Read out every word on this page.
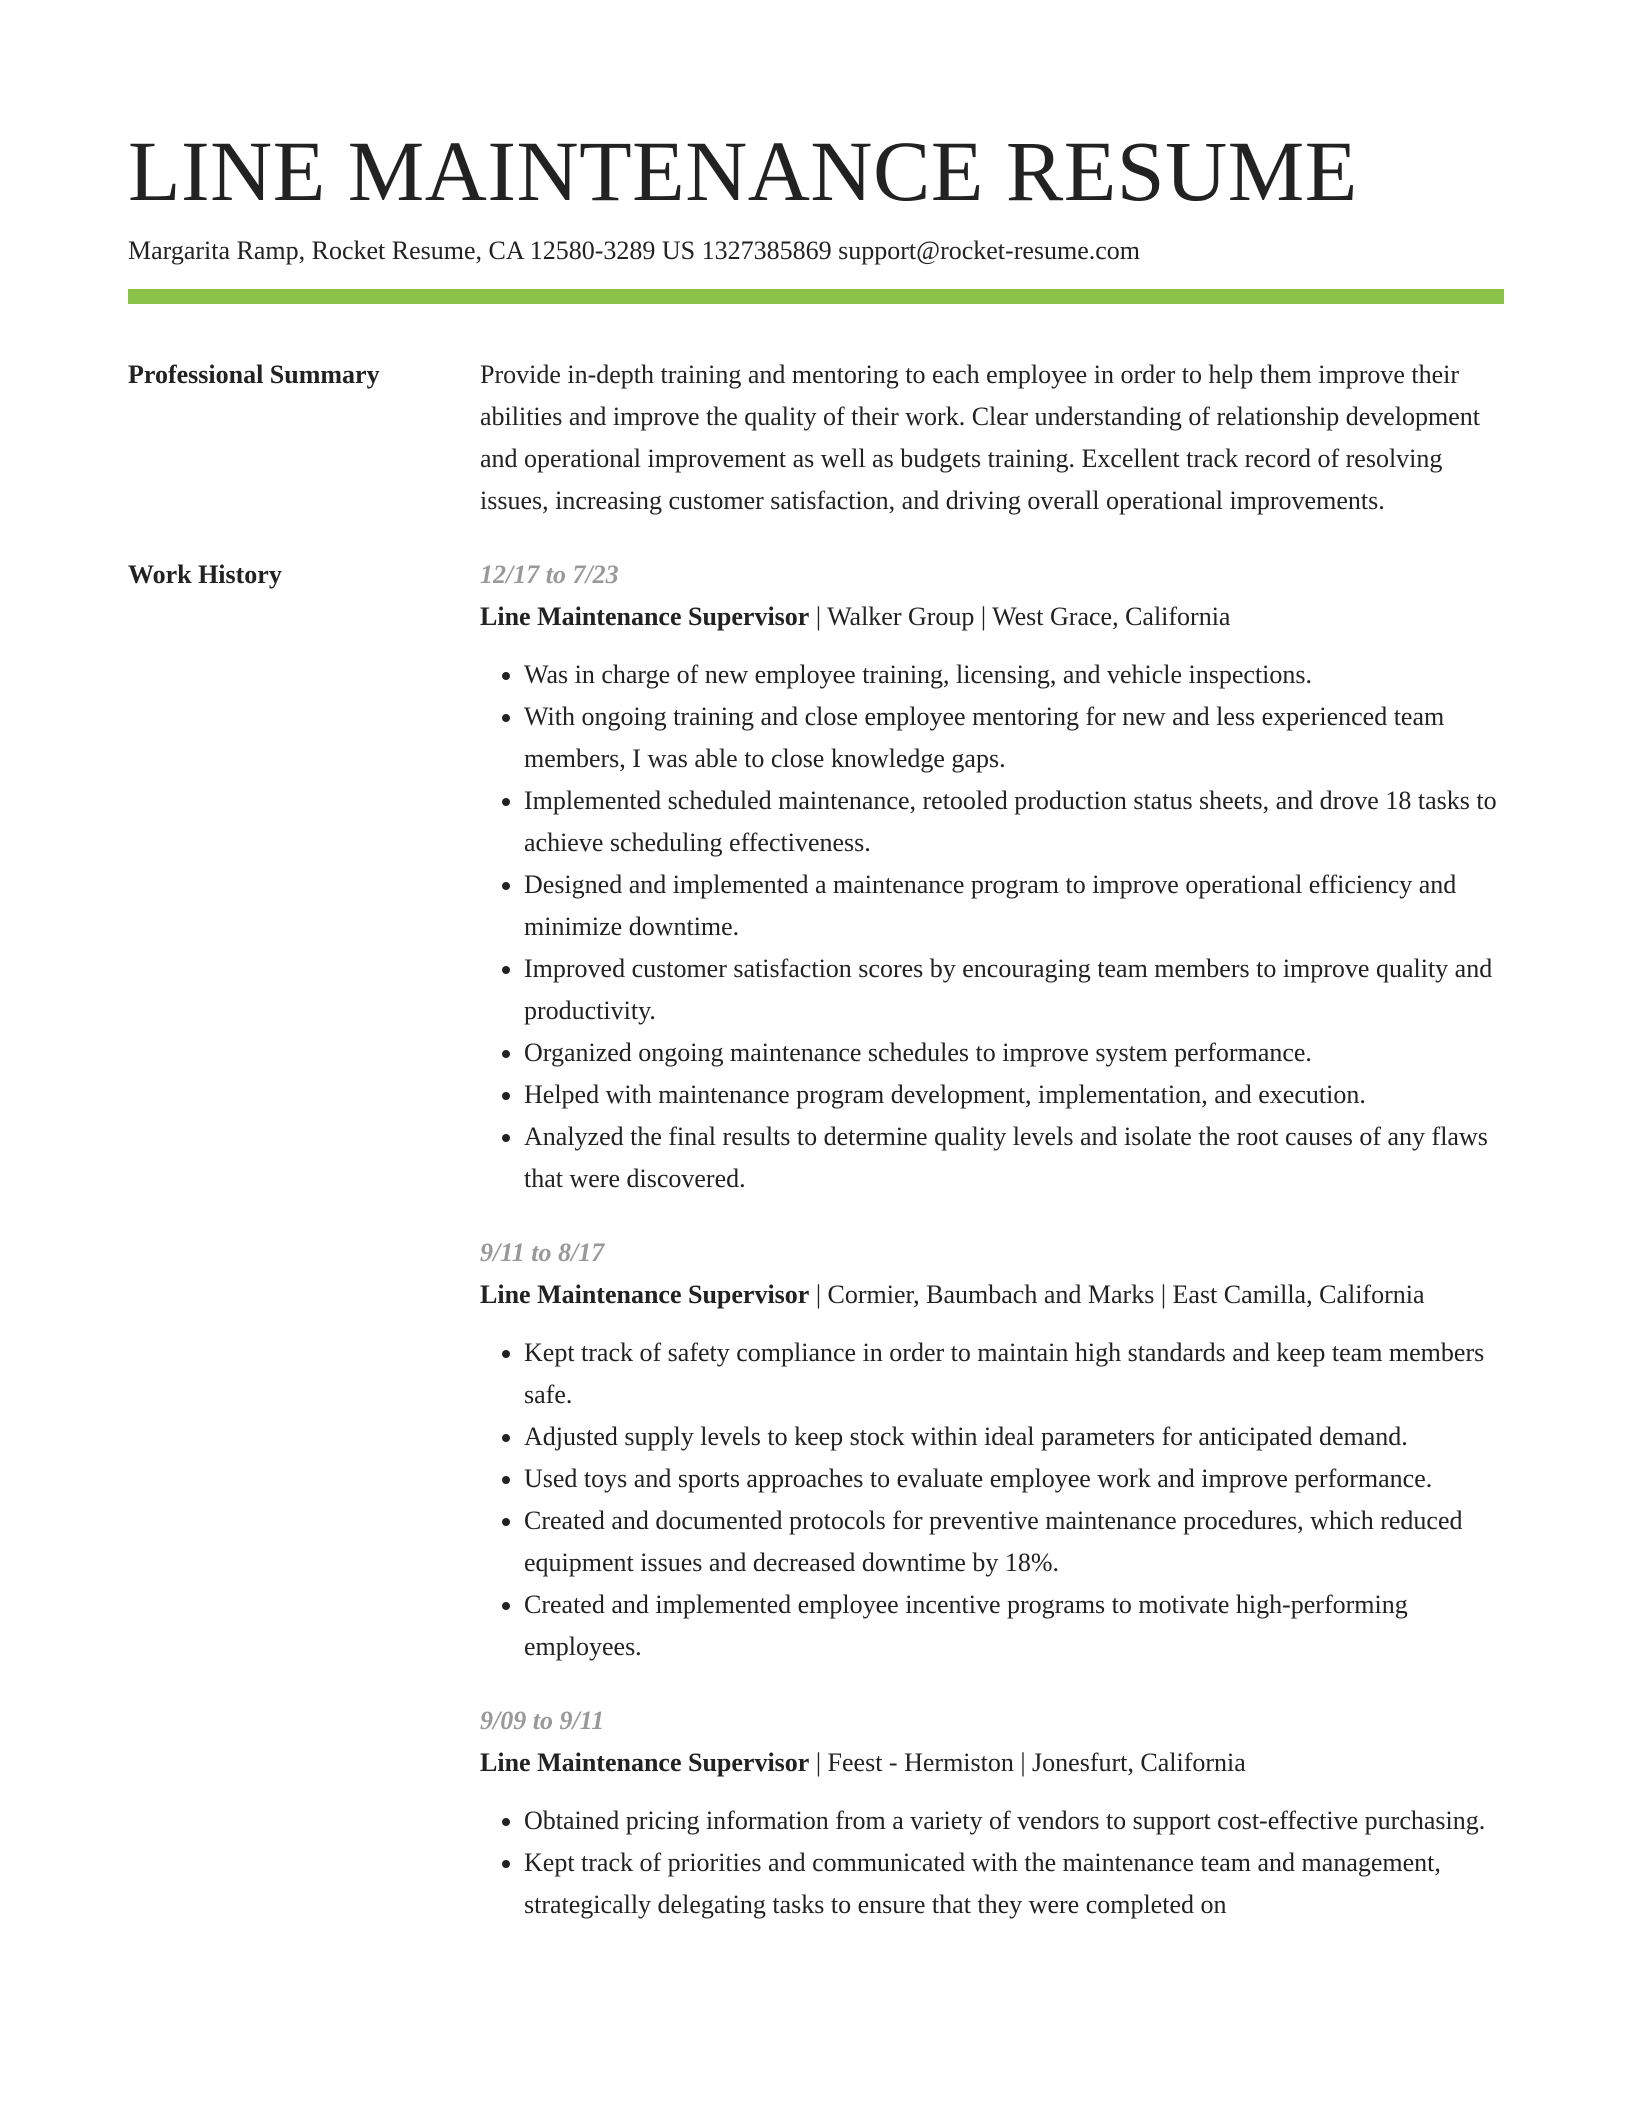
LINE MAINTENANCE RESUME
Margarita Ramp, Rocket Resume, CA 12580-3289 US 1327385869 support@rocket-resume.com
Professional Summary	Provide in-depth training and mentoring to each employee in order to help them improve their abilities and improve the quality of their work. Clear understanding of relationship development and operational improvement as well as budgets training. Excellent track record of resolving issues, increasing customer satisfaction, and driving overall operational improvements.

Work History	12/17 to 7/23
Line Maintenance Supervisor | Walker Group | West Grace, California
• Was in charge of new employee training, licensing, and vehicle inspections.
• With ongoing training and close employee mentoring for new and less experienced team members, I was able to close knowledge gaps.
• Implemented scheduled maintenance, retooled production status sheets, and drove 18 tasks to achieve scheduling effectiveness.
• Designed and implemented a maintenance program to improve operational efficiency and minimize downtime.
• Improved customer satisfaction scores by encouraging team members to improve quality and productivity.
• Organized ongoing maintenance schedules to improve system performance.
• Helped with maintenance program development, implementation, and execution.
• Analyzed the final results to determine quality levels and isolate the root causes of any flaws that were discovered.
9/11 to 8/17
Line Maintenance Supervisor | Cormier, Baumbach and Marks | East Camilla, California
• Kept track of safety compliance in order to maintain high standards and keep team members safe.
• Adjusted supply levels to keep stock within ideal parameters for anticipated demand.
• Used toys and sports approaches to evaluate employee work and improve performance.
• Created and documented protocols for preventive maintenance procedures, which reduced equipment issues and decreased downtime by 18%.
• Created and implemented employee incentive programs to motivate high-performing employees.
9/09 to 9/11
Line Maintenance Supervisor | Feest - Hermiston | Jonesfurt, California
• Obtained pricing information from a variety of vendors to support cost-effective purchasing.
• Kept track of priorities and communicated with the maintenance team and management, strategically delegating tasks to ensure that they were completed on
